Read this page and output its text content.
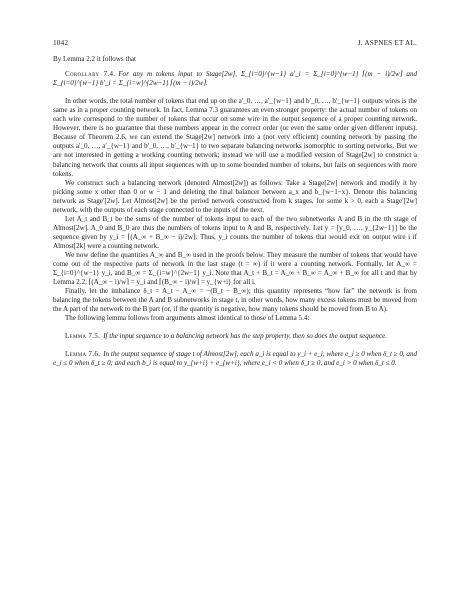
1042	J. ASPNES ET AL.

By Lemma 2.2 it follows that

Corollary 7.4. For any m tokens input to Stage[2w], Σ_{i=0}^{w−1} a′_i = Σ_{i=0}^{w−1} ⌈(m − i)/2w⌉ and Σ_{i=0}^{w−1} b′_i = Σ_{i=w}^{2w−1} ⌈(m − i)/2w⌉.

In other words, the total number of tokens that end up on the a′_0, …, a′_{w−1} and b′_0, …, b′_{w−1} outputs wires is the same as in a proper counting network. In fact, Lemma 7.3 guarantees an even stronger property: the actual number of tokens on each wire correspond to the number of tokens that occur on some wire in the output sequence of a proper counting network. However, there is no guarantee that these numbers appear in the correct order (or even the same order given different inputs). Because of Theorem 2.6, we can extend the Stage[2w] network into a (not very efficient) counting network by passing the outputs a′_0, …, a′_{w−1} and b′_0, …, b′_{w−1} to two separate balancing networks isomorphic to sorting networks. But we are not interested in getting a working counting network; instead we will use a modified version of Stage[2w] to construct a balancing network that counts all input sequences with up to some bounded number of tokens, but fails on sequences with more tokens.

We construct such a balancing network (denoted Almost[2w]) as follows: Take a Stage[2w] network and modify it by picking some x other than 0 or w − 1 and deleting the final balancer between a_x and b_{w−1−x}. Denote this balancing network as Stage′[2w]. Let Almost[2w] be the period network constructed from k stages, for some k > 0, each a Stage′[2w] network, with the outputs of each stage connected to the inputs of the next.

Let A_t and B_t be the sums of the number of tokens input to each of the two subnetworks A and B in the tth stage of Almost[2w]. A_0 and B_0 are thus the numbers of tokens input to A and B, respectively. Let y = [y_0, …, y_{2w−1}] be the sequence given by y_i = ⌈(A_∞ + B_∞ − i)/2w⌉. Thus, y_i counts the number of tokens that would exit on output wire i if Almost[2k] were a counting network.

We now define the quantities A_∞ and B_∞ used in the proofs below. They measure the number of tokens that would have come out of the respective parts of network in the last stage (t = ∞) if it were a counting network. Formally, let A_∞ = Σ_{i=0}^{w−1} y_i, and B_∞ = Σ_{i=w}^{2w−1} y_i. Note that A_t + B_t = A_∞ + B_∞ = A_∞ + B_∞ for all t and that by Lemma 2.2, ⌈(A_∞ − i)/w⌉ = y_i and ⌈(B_∞ − i)/w⌉ = y_{w+i} for all i.

Finally, let the imbalance δ_t = A_t − A_∞ = −(B_t − B_∞); this quantity represents “how far” the network is from balancing the tokens between the A and B subnetworks in stage t, in other words, how many excess tokens must be moved from the A part of the network to the B part (or, if the quantity is negative, how many tokens should be moved from B to A).

The following lemma follows from arguments almost identical to those of Lemma 5.4:

Lemma 7.5. If the input sequence to a balancing network has the step property, then so does the output sequence.

Lemma 7.6. In the output sequence of stage t of Almost[2w], each a_i is equal to y_i + e_i, where e_i ≥ 0 when δ_t ≥ 0, and e_i ≤ 0 when δ_t ≥ 0; and each b_i is equal to y_{w+i} + e_{w+i}, where e_i < 0 when δ_t ≥ 0, and e_i > 0 when δ_t ≤ 0.
